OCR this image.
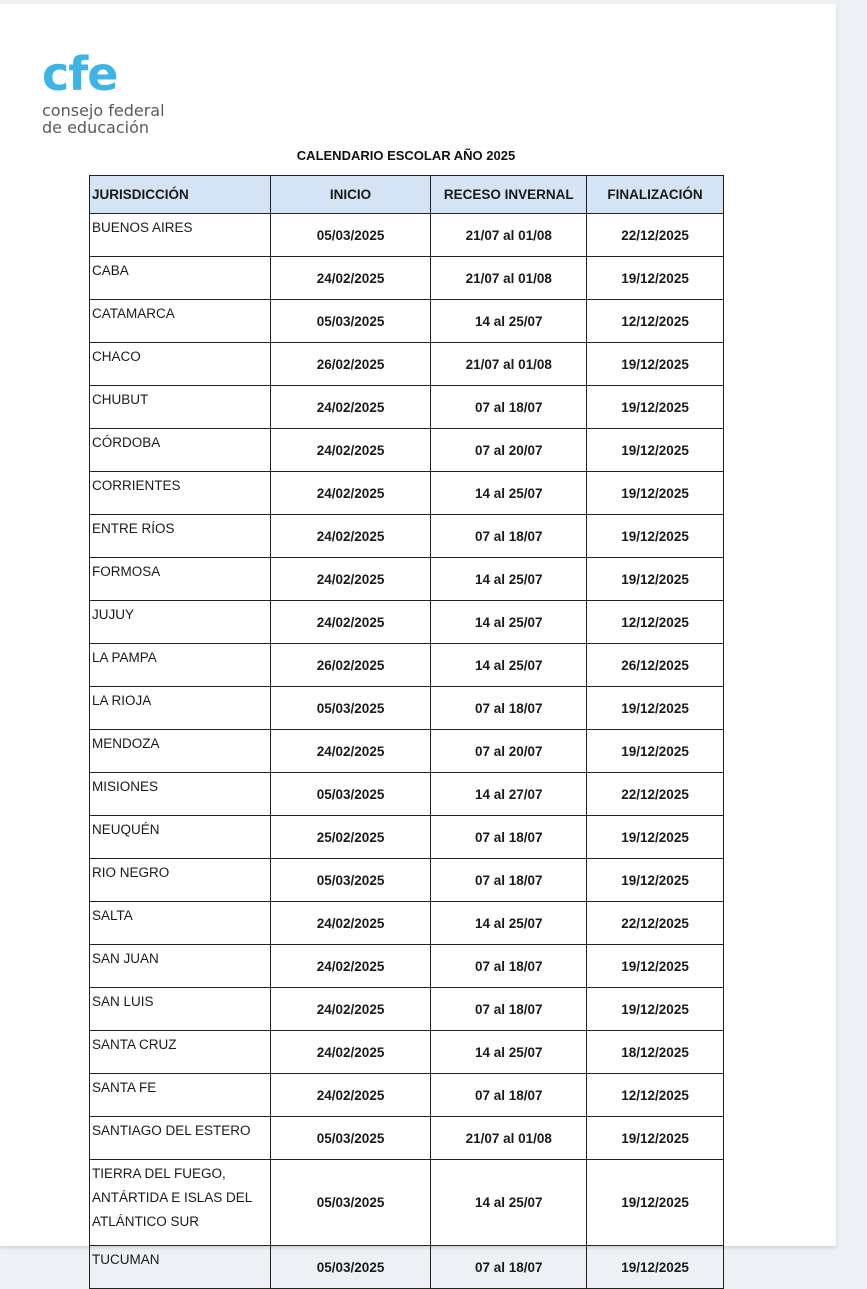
cfe
consejo federal
de educación
CALENDARIO ESCOLAR AÑO 2025
JURISDICCIÓN	INICIO	RECESO INVERNAL	FINALIZACIÓN
BUENOS AIRES	05/03/2025	21/07 al 01/08	22/12/2025
CABA	24/02/2025	21/07 al 01/08	19/12/2025
CATAMARCA	05/03/2025	14 al 25/07	12/12/2025
CHACO	26/02/2025	21/07 al 01/08	19/12/2025
CHUBUT	24/02/2025	07 al 18/07	19/12/2025
CÓRDOBA	24/02/2025	07 al 20/07	19/12/2025
CORRIENTES	24/02/2025	14 al 25/07	19/12/2025
ENTRE RÍOS	24/02/2025	07 al 18/07	19/12/2025
FORMOSA	24/02/2025	14 al 25/07	19/12/2025
JUJUY	24/02/2025	14 al 25/07	12/12/2025
LA PAMPA	26/02/2025	14 al 25/07	26/12/2025
LA RIOJA	05/03/2025	07 al 18/07	19/12/2025
MENDOZA	24/02/2025	07 al 20/07	19/12/2025
MISIONES	05/03/2025	14 al 27/07	22/12/2025
NEUQUÉN	25/02/2025	07 al 18/07	19/12/2025
RIO NEGRO	05/03/2025	07 al 18/07	19/12/2025
SALTA	24/02/2025	14 al 25/07	22/12/2025
SAN JUAN	24/02/2025	07 al 18/07	19/12/2025
SAN LUIS	24/02/2025	07 al 18/07	19/12/2025
SANTA CRUZ	24/02/2025	14 al 25/07	18/12/2025
SANTA FE	24/02/2025	07 al 18/07	12/12/2025
SANTIAGO DEL ESTERO	05/03/2025	21/07 al 01/08	19/12/2025

TIERRA DEL FUEGO,
ANTÁRTIDA E ISLAS DEL
ATLÁNTICO SUR	05/03/2025	14 al 25/07	19/12/2025
TUCUMAN	05/03/2025	07 al 18/07	19/12/2025
